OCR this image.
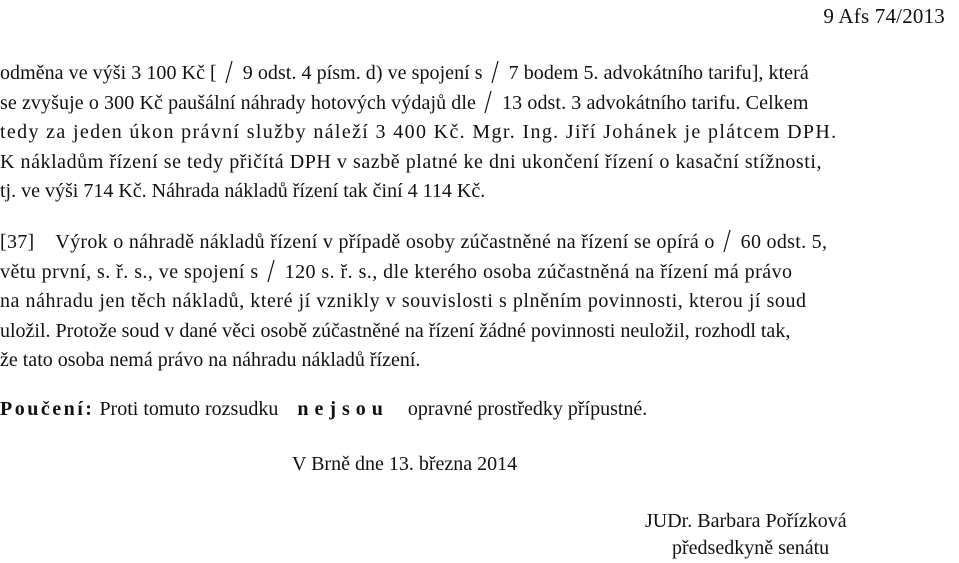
9 Afs 74/2013
odměna ve výši 3 100 Kč [ 9 odst. 4 písm. d) ve spojení s 7 bodem 5. advokátního tarifu], která
se zvyšuje o 300 Kč paušální náhrady hotových výdajů dle 13 odst. 3 advokátního tarifu. Celkem
tedy za jeden úkon právní služby náleží 3 400 Kč. Mgr. Ing. Jiří Johánek je plátcem DPH.
K nákladům řízení se tedy přičítá DPH v sazbě platné ke dni ukončení řízení o kasační stížnosti,
tj. ve výši 714 Kč. Náhrada nákladů řízení tak činí 4 114 Kč.
[37]    Výrok o náhradě nákladů řízení v případě osoby zúčastněné na řízení se opírá o 60 odst. 5,
větu první, s. ř. s., ve spojení s 120 s. ř. s., dle kterého osoba zúčastněná na řízení má právo
na náhradu jen těch nákladů, které jí vznikly v souvislosti s plněním povinnosti, kterou jí soud
uložil. Protože soud v dané věci osobě zúčastněné na řízení žádné povinnosti neuložil, rozhodl tak,
že tato osoba nemá právo na náhradu nákladů řízení.
Poučení: Proti tomuto rozsudku nejsou opravné prostředky přípustné.
V Brně dne 13. března 2014
JUDr. Barbara Pořízková
předsedkyně senátu
